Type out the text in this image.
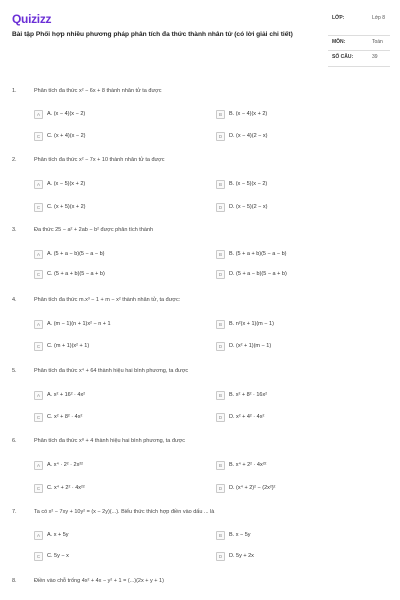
Quizizz
Bài tập Phối hợp nhiều phương pháp phân tích đa thức thành nhân tử (có lời giải chi tiết)
LỚP:	Lớp 8
MÔN:	Toán
SỐ CÂU:	39
1.	Phân tích đa thức x² − 6x + 8 thành nhân tử ta được
A	A. (x − 4)(x − 2)	B	B. (x − 4)(x + 2)
C	C. (x + 4)(x − 2)	D	D. (x − 4)(2 − x)
2.	Phân tích đa thức x² − 7x + 10 thành nhân tử ta được
A	A. (x − 5)(x + 2)	B	B. (x − 5)(x − 2)
C	C. (x + 5)(x + 2)	D	D. (x − 5)(2 − x)
3.	Đa thức 25 − a² + 2ab − b² được phân tích thành
A	A. (5 + a − b)(5 − a − b)	B	B. (5 + a + b)(5 − a − b)
C	C. (5 + a + b)(5 − a + b)	D	D. (5 + a − b)(5 − a + b)
4.	Phân tích đa thức m.x³ − 1 + m − x² thành nhân tử, ta được:
A	A. (m − 1)(n + 1)x² − n + 1	B	B. n²(x + 1)(m − 1)
C	C. (m + 1)(x² + 1)	D	D. (x² + 1)(m − 1)
5.	Phân tích đa thức x⁴ + 64 thành hiệu hai bình phương, ta được
A	A. x² + 16² · 4x²	B	B. x² + 8² · 16x²
C	C. x² + 8² · 4x²	D	D. x² + 4² · 4x²
6.	Phân tích đa thức x⁸ + 4 thành hiệu hai bình phương, ta được
A	A. x⁴ · 2² · 2x²²	B	B. x⁴ + 2² · 4x²²
C	C. x⁴ + 2² · 4x²²	D	D. (x⁴ + 2)² − (2x²)²
7.	Ta có x² − 7xy + 10y² = (x − 2y)(...). Biểu thức thích hợp điền vào dấu ... là
A	A. x + 5y	B	B. x − 5y
C	C. 5y − x	D	D. 5y + 2x
8.	Điền vào chỗ trống 4x² + 4x − y² + 1 = (...)(2x + y + 1)
